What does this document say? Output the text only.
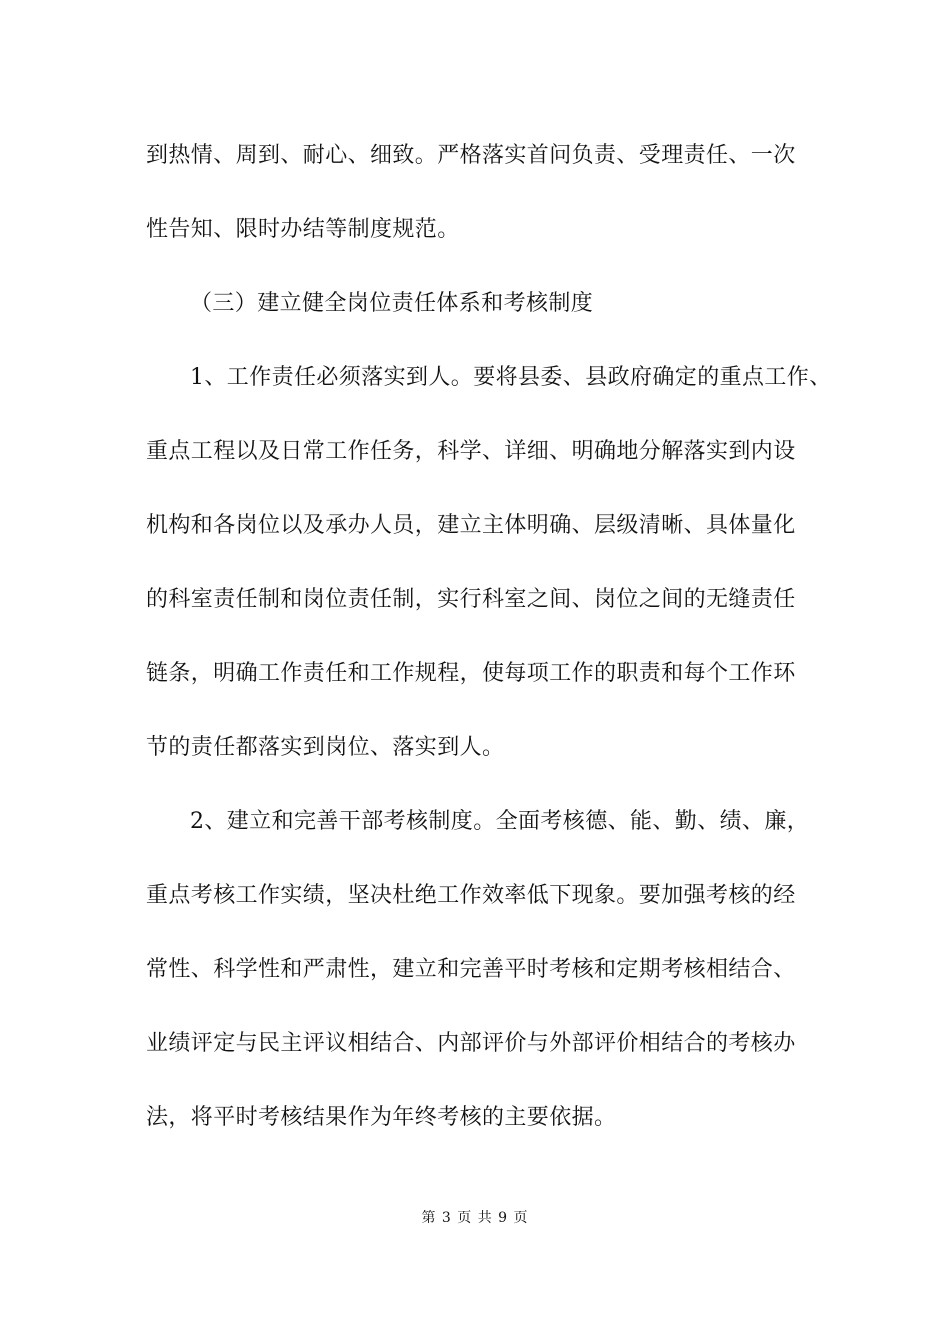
到热情、周到、耐心、细致。严格落实首问负责、受理责任、一次
性告知、限时办结等制度规范。
（三）建立健全岗位责任体系和考核制度
1、工作责任必须落实到人。要将县委、县政府确定的重点工作、
重点工程以及日常工作任务，科学、详细、明确地分解落实到内设
机构和各岗位以及承办人员，建立主体明确、层级清晰、具体量化
的科室责任制和岗位责任制，实行科室之间、岗位之间的无缝责任
链条，明确工作责任和工作规程，使每项工作的职责和每个工作环
节的责任都落实到岗位、落实到人。
2、建立和完善干部考核制度。全面考核德、能、勤、绩、廉，
重点考核工作实绩，坚决杜绝工作效率低下现象。要加强考核的经
常性、科学性和严肃性，建立和完善平时考核和定期考核相结合、
业绩评定与民主评议相结合、内部评价与外部评价相结合的考核办
法，将平时考核结果作为年终考核的主要依据。
第 3 页 共 9 页
